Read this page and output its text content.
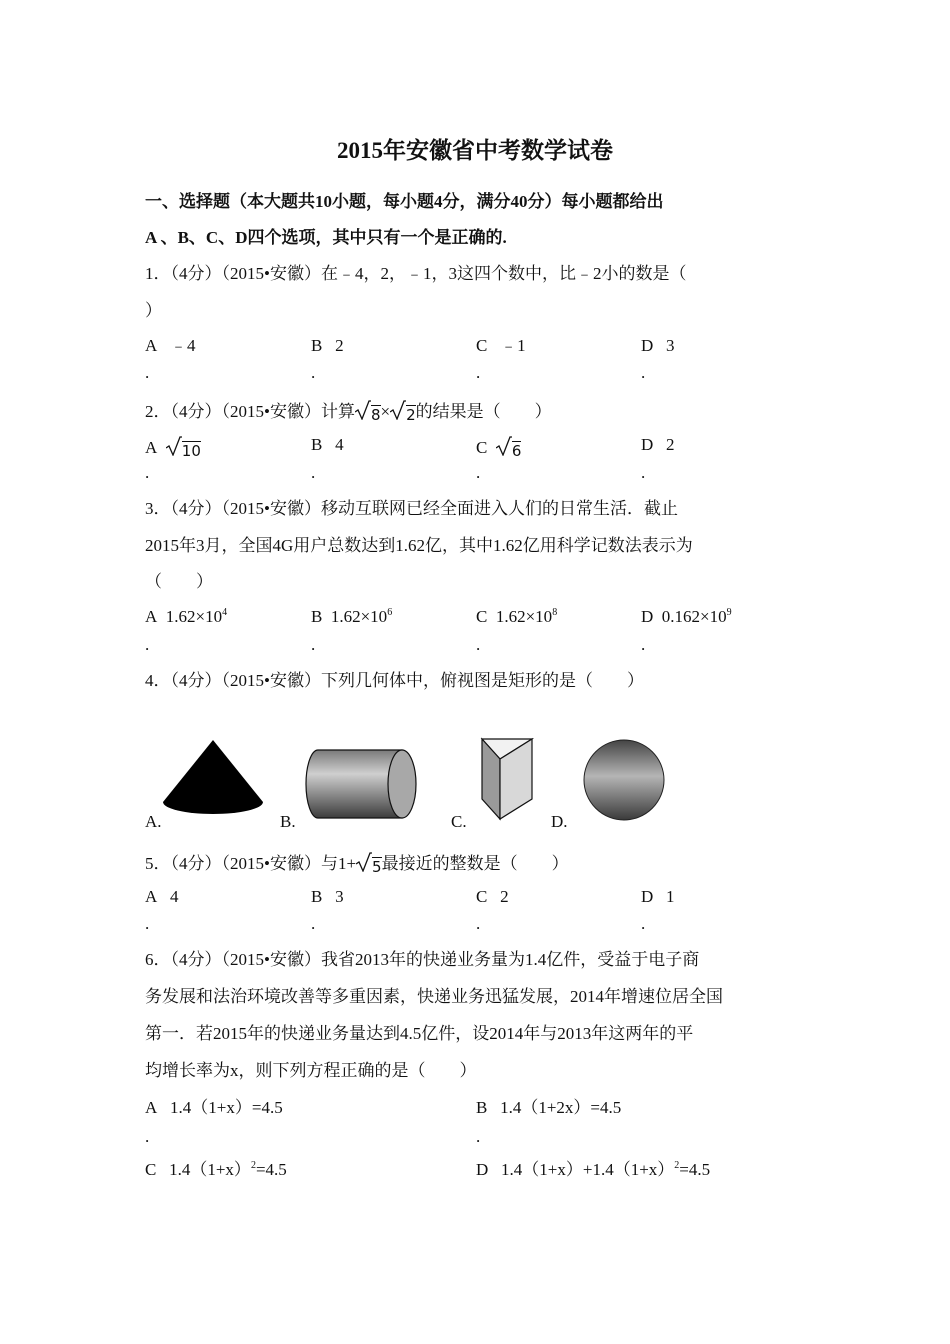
2015年安徽省中考数学试卷
一、选择题（本大题共10小题，每小题4分，满分40分）每小题都给出
A 、B、C、D四个选项，其中只有一个是正确的.
1．（4分）（2015•安徽）在﹣4，2，﹣1，3这四个数中，比﹣2小的数是（
）
A ﹣4	B 2	C ﹣1	D 3
.	.	.	.
2．（4分）（2015•安徽）计算 8× 2的结果是（　　）
A 10	B 4	C 6	D 2
.	.	.	.
3．（4分）（2015•安徽）移动互联网已经全面进入人们的日常生活．截止
2015年3月，全国4G用户总数达到1.62亿，其中1.62亿用科学记数法表示为
（　　）
A $1.62\times 10^4$	B $1.62\times 10^6$	C $1.62\times 10^8$	D $0.162\times 10^9$
.	.	.	.
4．（4分）（2015•安徽）下列几何体中，俯视图是矩形的是（　　）
A.	B.	C.	D.
5．（4分）（2015•安徽）与1+ 5最接近的整数是（　　）
A 4	B 3	C 2	D 1
.	.	.	.
6．（4分）（2015•安徽）我省2013年的快递业务量为1.4亿件，受益于电子商
务发展和法治环境改善等多重因素，快递业务迅猛发展，2014年增速位居全国
第一．若2015年的快递业务量达到4.5亿件，设2014年与2013年这两年的平
均增长率为x，则下列方程正确的是（　　）
A 1.4（1+x）=4.5	B 1.4（1+2x）=4.5
.	.
C $1.4(1+x)^2=4.5$	D $1.4(1+x)+1.4(1+x)^2=4.5$
